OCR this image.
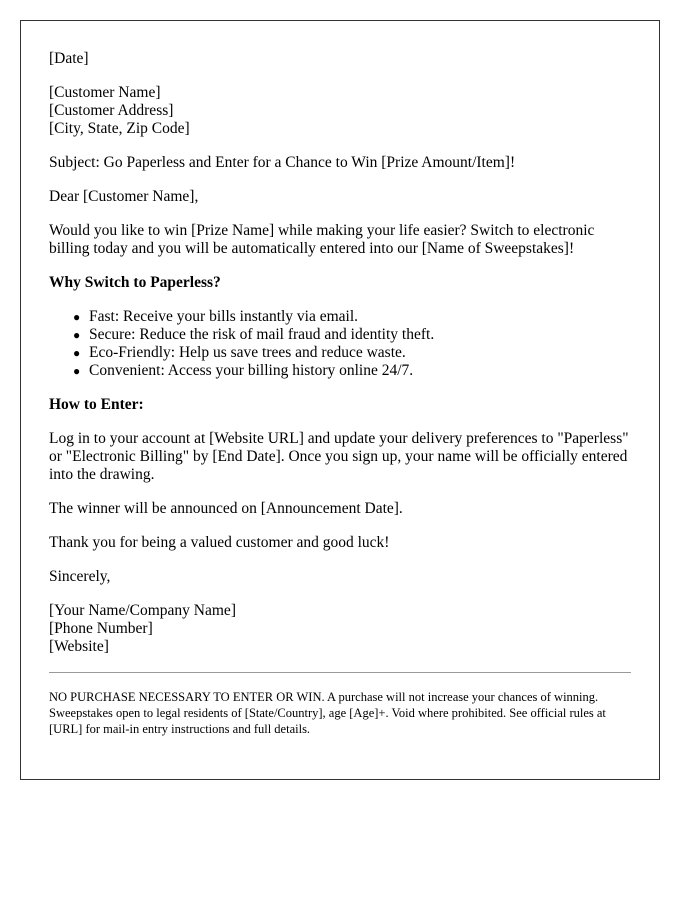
[Date]

[Customer Name]
[Customer Address]
[City, State, Zip Code]

Subject: Go Paperless and Enter for a Chance to Win [Prize Amount/Item]!

Dear [Customer Name],

Would you like to win [Prize Name] while making your life easier? Switch to electronic billing today and you will be automatically entered into our [Name of Sweepstakes]!

Why Switch to Paperless?

● Fast: Receive your bills instantly via email.
● Secure: Reduce the risk of mail fraud and identity theft.
● Eco-Friendly: Help us save trees and reduce waste.
● Convenient: Access your billing history online 24/7.

How to Enter:

Log in to your account at [Website URL] and update your delivery preferences to "Paperless" or "Electronic Billing" by [End Date]. Once you sign up, your name will be officially entered into the drawing.

The winner will be announced on [Announcement Date].

Thank you for being a valued customer and good luck!

Sincerely,

[Your Name/Company Name]
[Phone Number]
[Website]

NO PURCHASE NECESSARY TO ENTER OR WIN. A purchase will not increase your chances of winning. Sweepstakes open to legal residents of [State/Country], age [Age]+. Void where prohibited. See official rules at [URL] for mail-in entry instructions and full details.
